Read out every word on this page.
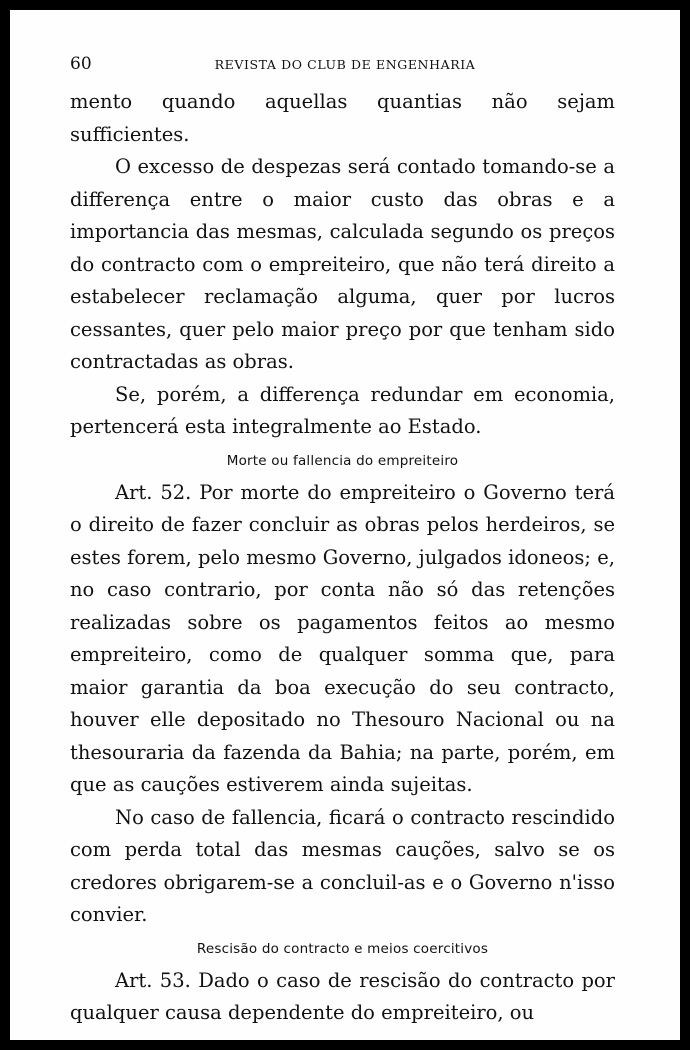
60	REVISTA DO CLUB DE ENGENHARIA

mento quando aquellas quantias não sejam sufficientes.

O excesso de despezas será contado tomando-se a differença entre o maior custo das obras e a importancia das mesmas, calculada segundo os preços do contracto com o empreiteiro, que não terá direito a estabelecer reclamação alguma, quer por lucros cessantes, quer pelo maior preço por que tenham sido contractadas as obras.

Se, porém, a differença redundar em economia, pertencerá esta integralmente ao Estado.

Morte ou fallencia do empreiteiro

Art. 52. Por morte do empreiteiro o Governo terá o direito de fazer concluir as obras pelos herdeiros, se estes forem, pelo mesmo Governo, julgados idoneos; e, no caso contrario, por conta não só das retenções realizadas sobre os pagamentos feitos ao mesmo empreiteiro, como de qualquer somma que, para maior garantia da boa execução do seu contracto, houver elle depositado no Thesouro Nacional ou na thesouraria da fazenda da Bahia; na parte, porém, em que as cauções estiverem ainda sujeitas.

No caso de fallencia, ficará o contracto rescindido com perda total das mesmas cauções, salvo se os credores obrigarem-se a concluil-as e o Governo n'isso convier.

Rescisão do contracto e meios coercitivos

Art. 53. Dado o caso de rescisão do contracto por qualquer causa dependente do empreiteiro, ou
